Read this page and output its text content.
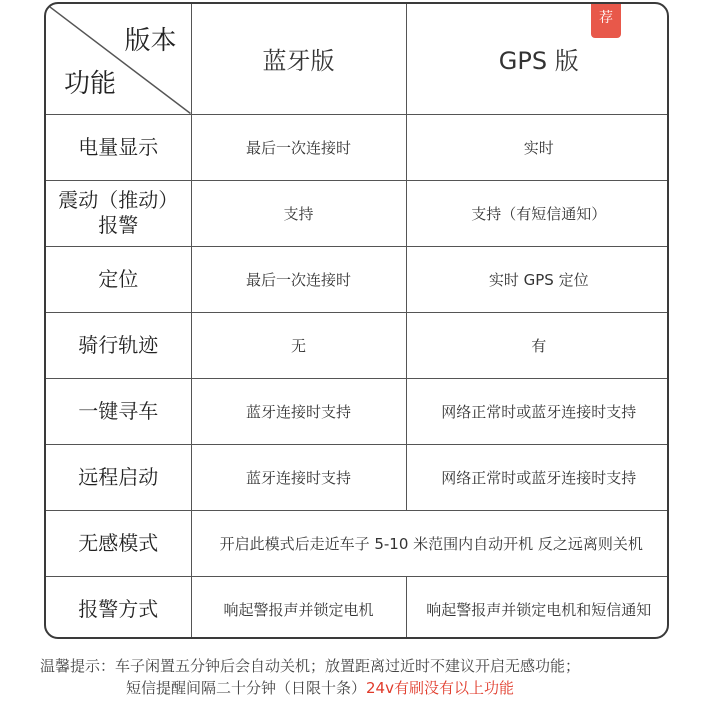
版本
功能	蓝牙版	GPS 版
荐

电量显示	最后一次连接时	实时
震动（推动）
报警	支持	支持（有短信通知）
定位	最后一次连接时	实时 GPS 定位
骑行轨迹	无	有
一键寻车	蓝牙连接时支持	网络正常时或蓝牙连接时支持
远程启动	蓝牙连接时支持	网络正常时或蓝牙连接时支持
无感模式	开启此模式后走近车子 5-10 米范围内自动开机 反之远离则关机	
报警方式	响起警报声并锁定电机	响起警报声并锁定电机和短信通知
温馨提示：车子闲置五分钟后会自动关机；放置距离过近时不建议开启无感功能；
短信提醒间隔二十分钟（日限十条）24v有刷没有以上功能
